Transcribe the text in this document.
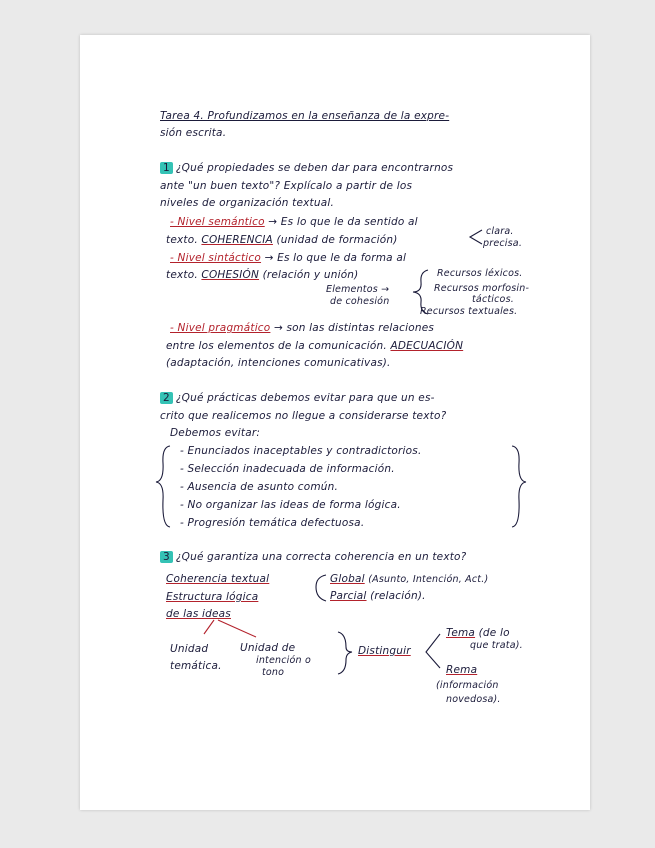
Tarea 4. Profundizamos en la enseñanza de la expre-
sión escrita.
1 ¿Qué propiedades se deben dar para encontrarnos
ante "un buen texto"? Explícalo a partir de los
niveles de organización textual.
- Nivel semántico → Es lo que le da sentido al
texto. COHERENCIA (unidad de formación)
clara.
precisa.
- Nivel sintáctico → Es lo que le da forma al
texto. COHESIÓN (relación y unión)	Recursos léxicos.
Elementos →
de cohesión
Recursos morfosin-
tácticos.
Recursos textuales.
- Nivel pragmático → son las distintas relaciones
entre los elementos de la comunicación. ADECUACIÓN
(adaptación, intenciones comunicativas).
2 ¿Qué prácticas debemos evitar para que un es-
crito que realicemos no llegue a considerarse texto?
Debemos evitar:
- Enunciados inaceptables y contradictorios.
- Selección inadecuada de información.
- Ausencia de asunto común.
- No organizar las ideas de forma lógica.
- Progresión temática defectuosa.
3 ¿Qué garantiza una correcta coherencia en un texto?
Coherencia textual	Global (Asunto, Intención, Act.)
Estructura lógica	Parcial (relación).
de las ideas
Unidad
temática.
Unidad de
intención o
tono
Distinguir
Tema (de lo
que trata).
Rema
(información
novedosa).
